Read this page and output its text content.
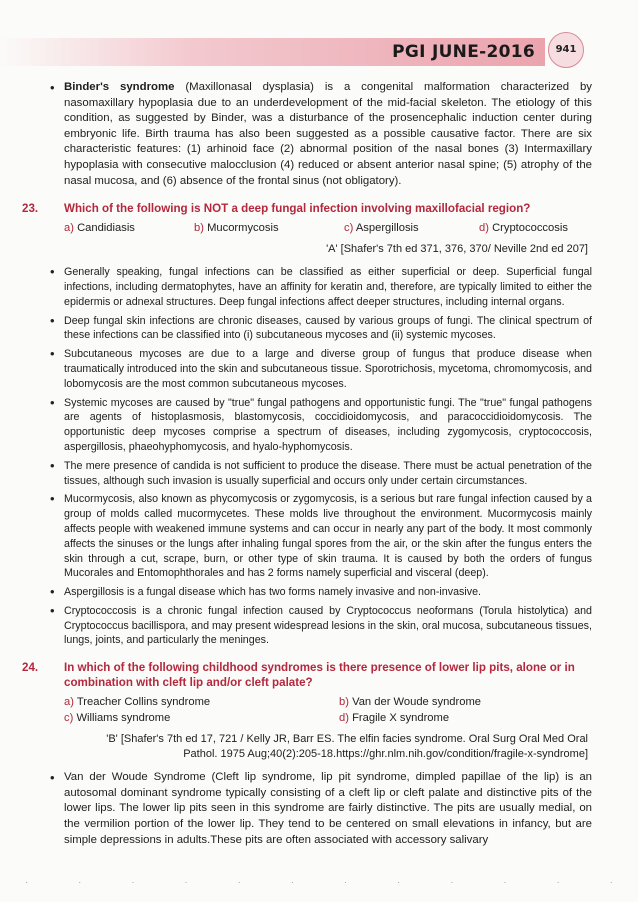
PGI JUNE-2016	941
• Binder's syndrome (Maxillonasal dysplasia) is a congenital malformation characterized by nasomaxillary hypoplasia due to an underdevelopment of the mid-facial skeleton. The etiology of this condition, as suggested by Binder, was a disturbance of the prosencephalic induction center during embryonic life. Birth trauma has also been suggested as a possible causative factor. There are six characteristic features: (1) arhinoid face (2) abnormal position of the nasal bones (3) Intermaxillary hypoplasia with consecutive malocclusion (4) reduced or absent anterior nasal spine; (5) atrophy of the nasal mucosa, and (6) absence of the frontal sinus (not obligatory).
23. Which of the following is NOT a deep fungal infection involving maxillofacial region?
a) Candidiasis	b) Mucormycosis	c) Aspergillosis	d) Cryptococcosis
'A' [Shafer's 7th ed 371, 376, 370/ Neville 2nd ed 207]
• Generally speaking, fungal infections can be classified as either superficial or deep. Superficial fungal infections, including dermatophytes, have an affinity for keratin and, therefore, are typically limited to either the epidermis or adnexal structures. Deep fungal infections affect deeper structures, including internal organs.
• Deep fungal skin infections are chronic diseases, caused by various groups of fungi. The clinical spectrum of these infections can be classified into (i) subcutaneous mycoses and (ii) systemic mycoses.
• Subcutaneous mycoses are due to a large and diverse group of fungus that produce disease when traumatically introduced into the skin and subcutaneous tissue. Sporotrichosis, mycetoma, chromomycosis, and lobomycosis are the most common subcutaneous mycoses.
• Systemic mycoses are caused by "true" fungal pathogens and opportunistic fungi. The "true" fungal pathogens are agents of histoplasmosis, blastomycosis, coccidioidomycosis, and paracoccidioidomycosis. The opportunistic deep mycoses comprise a spectrum of diseases, including zygomycosis, cryptococcosis, aspergillosis, phaeohyphomycosis, and hyalo-hyphomycosis.
• The mere presence of candida is not sufficient to produce the disease. There must be actual penetration of the tissues, although such invasion is usually superficial and occurs only under certain circumstances.
• Mucormycosis, also known as phycomycosis or zygomycosis, is a serious but rare fungal infection caused by a group of molds called mucormycetes. These molds live throughout the environment. Mucormycosis mainly affects people with weakened immune systems and can occur in nearly any part of the body. It most commonly affects the sinuses or the lungs after inhaling fungal spores from the air, or the skin after the fungus enters the skin through a cut, scrape, burn, or other type of skin trauma. It is caused by both the orders of fungus Mucorales and Entomophthorales and has 2 forms namely superficial and visceral (deep).
• Aspergillosis is a fungal disease which has two forms namely invasive and non-invasive.
• Cryptococcosis is a chronic fungal infection caused by Cryptococcus neoformans (Torula histolytica) and Cryptococcus bacillispora, and may present widespread lesions in the skin, oral mucosa, subcutaneous tissues, lungs, joints, and particularly the meninges.
24. In which of the following childhood syndromes is there presence of lower lip pits, alone or in combination with cleft lip and/or cleft palate?
a) Treacher Collins syndrome	b) Van der Woude syndrome
c) Williams syndrome	d) Fragile X syndrome
'B' [Shafer's 7th ed 17, 721 / Kelly JR, Barr ES. The elfin facies syndrome. Oral Surg Oral Med Oral Pathol. 1975 Aug;40(2):205-18.https://ghr.nlm.nih.gov/condition/fragile-x-syndrome]
• Van der Woude Syndrome (Cleft lip syndrome, lip pit syndrome, dimpled papillae of the lip) is an autosomal dominant syndrome typically consisting of a cleft lip or cleft palate and distinctive pits of the lower lips. The lower lip pits seen in this syndrome are fairly distinctive. The pits are usually medial, on the vermilion portion of the lower lip. They tend to be centered on small elevations in infancy, but are simple depressions in adults.These pits are often associated with accessory salivary
·	·	·	·	·	·	·	·	·	·	·	·
